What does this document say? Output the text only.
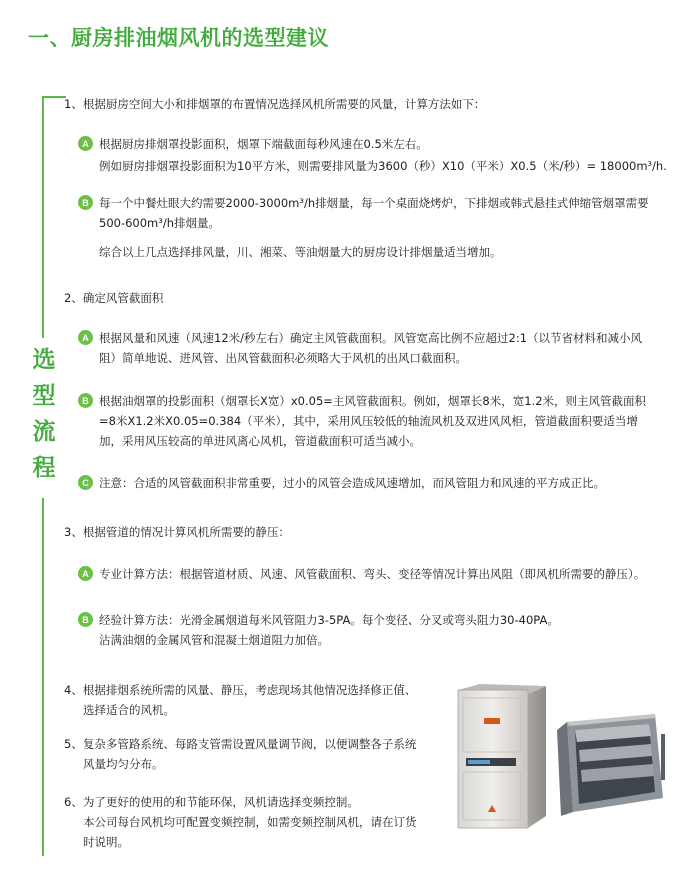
一、厨房排油烟风机的选型建议
选
型
流
程
1、根据厨房空间大小和排烟罩的布置情况选择风机所需要的风量，计算方法如下：
A 根据厨房排烟罩投影面积，烟罩下端截面每秒风速在0.5米左右。
例如厨房排烟罩投影面积为10平方米，则需要排风量为3600（秒）X10（平米）X0.5（米/秒）= $18000m^3/h$.
B 每一个中餐灶眼大约需要2000-3000m³/h排烟量，每一个桌面烧烤炉，下排烟或韩式悬挂式伸缩管烟罩需要
500-600m³/h排烟量。
综合以上几点选择排风量，川、湘菜、等油烟量大的厨房设计排烟量适当增加。
2、确定风管截面积
A 根据风量和风速（风速12米/秒左右）确定主风管截面积。风管宽高比例不应超过2:1（以节省材料和减小风
阻）简单地说、进风管、出风管截面积必须略大于风机的出风口截面积。
B 根据油烟罩的投影面积（烟罩长X宽）x0.05=主风管截面积。例如，烟罩长8米，宽1.2米，则主风管截面积
=8米X1.2米X0.05=0.384（平米），其中，采用风压较低的轴流风机及双进风风柜，管道截面积要适当增
加，采用风压较高的单进风离心风机，管道截面积可适当减小。
C 注意：合适的风管截面积非常重要，过小的风管会造成风速增加，而风管阻力和风速的平方成正比。
3、根据管道的情况计算风机所需要的静压：
A 专业计算方法：根据管道材质、风速、风管截面积、弯头、变径等情况计算出风阻（即风机所需要的静压）。
B 经验计算方法：光滑金属烟道每米风管阻力3-5PA。每个变径、分叉或弯头阻力30-40PA。
沾满油烟的金属风管和混凝土烟道阻力加倍。
4、根据排烟系统所需的风量、静压，考虑现场其他情况选择修正值、
选择适合的风机。
5、复杂多管路系统、每路支管需设置风量调节阀，以便调整各子系统
风量均匀分布。
6、为了更好的使用的和节能环保，风机请选择变频控制。
本公司每台风机均可配置变频控制，如需变频控制风机，请在订货
时说明。
